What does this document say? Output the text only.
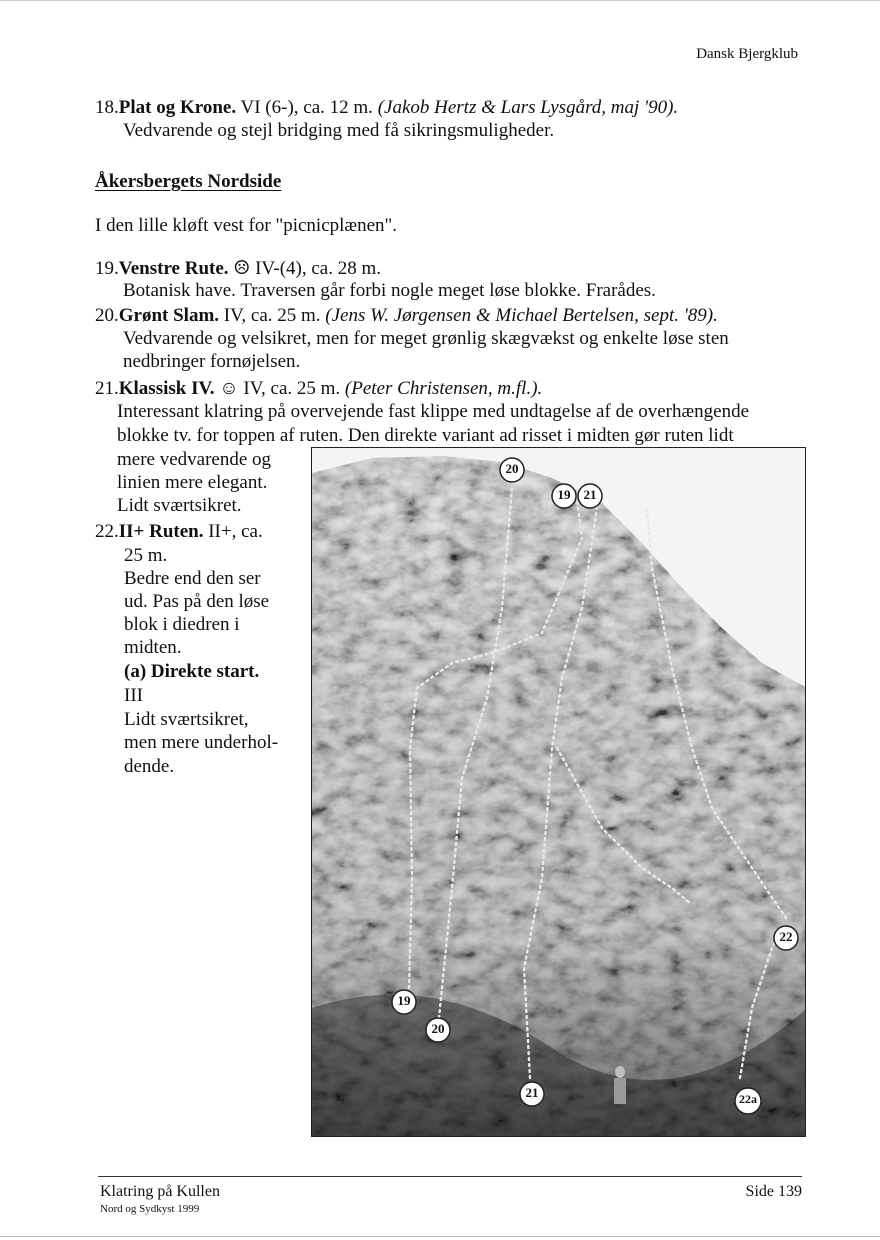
Dansk Bjergklub
18.Plat og Krone. VI (6-), ca. 12 m. (Jakob Hertz & Lars Lysgård, maj '90).
Vedvarende og stejl bridging med få sikringsmuligheder.
Åkersbergets Nordside
I den lille kløft vest for "picnicplænen".
19.Venstre Rute. ☹ IV-(4), ca. 28 m.
Botanisk have. Traversen går forbi nogle meget løse blokke. Frarådes.
20.Grønt Slam. IV, ca. 25 m. (Jens W. Jørgensen & Michael Bertelsen, sept. '89).
Vedvarende og velsikret, men for meget grønlig skægvækst og enkelte løse sten
nedbringer fornøjelsen.
21.Klassisk IV. ☺ IV, ca. 25 m. (Peter Christensen, m.fl.).
Interessant klatring på overvejende fast klippe med undtagelse af de overhængende
blokke tv. for toppen af ruten. Den direkte variant ad risset i midten gør ruten lidt
mere vedvarende og
linien mere elegant.
Lidt sværtsikret.
22.II+ Ruten. II+, ca.
25 m.
Bedre end den ser
ud. Pas på den løse
blok i diedren i
midten.
(a) Direkte start.
III
Lidt sværtsikret,
men mere underhol-
dende.
20
19	21
22
19
20
21	22a
Klatring på Kullen
Nord og Sydkyst 1999
Side 139
